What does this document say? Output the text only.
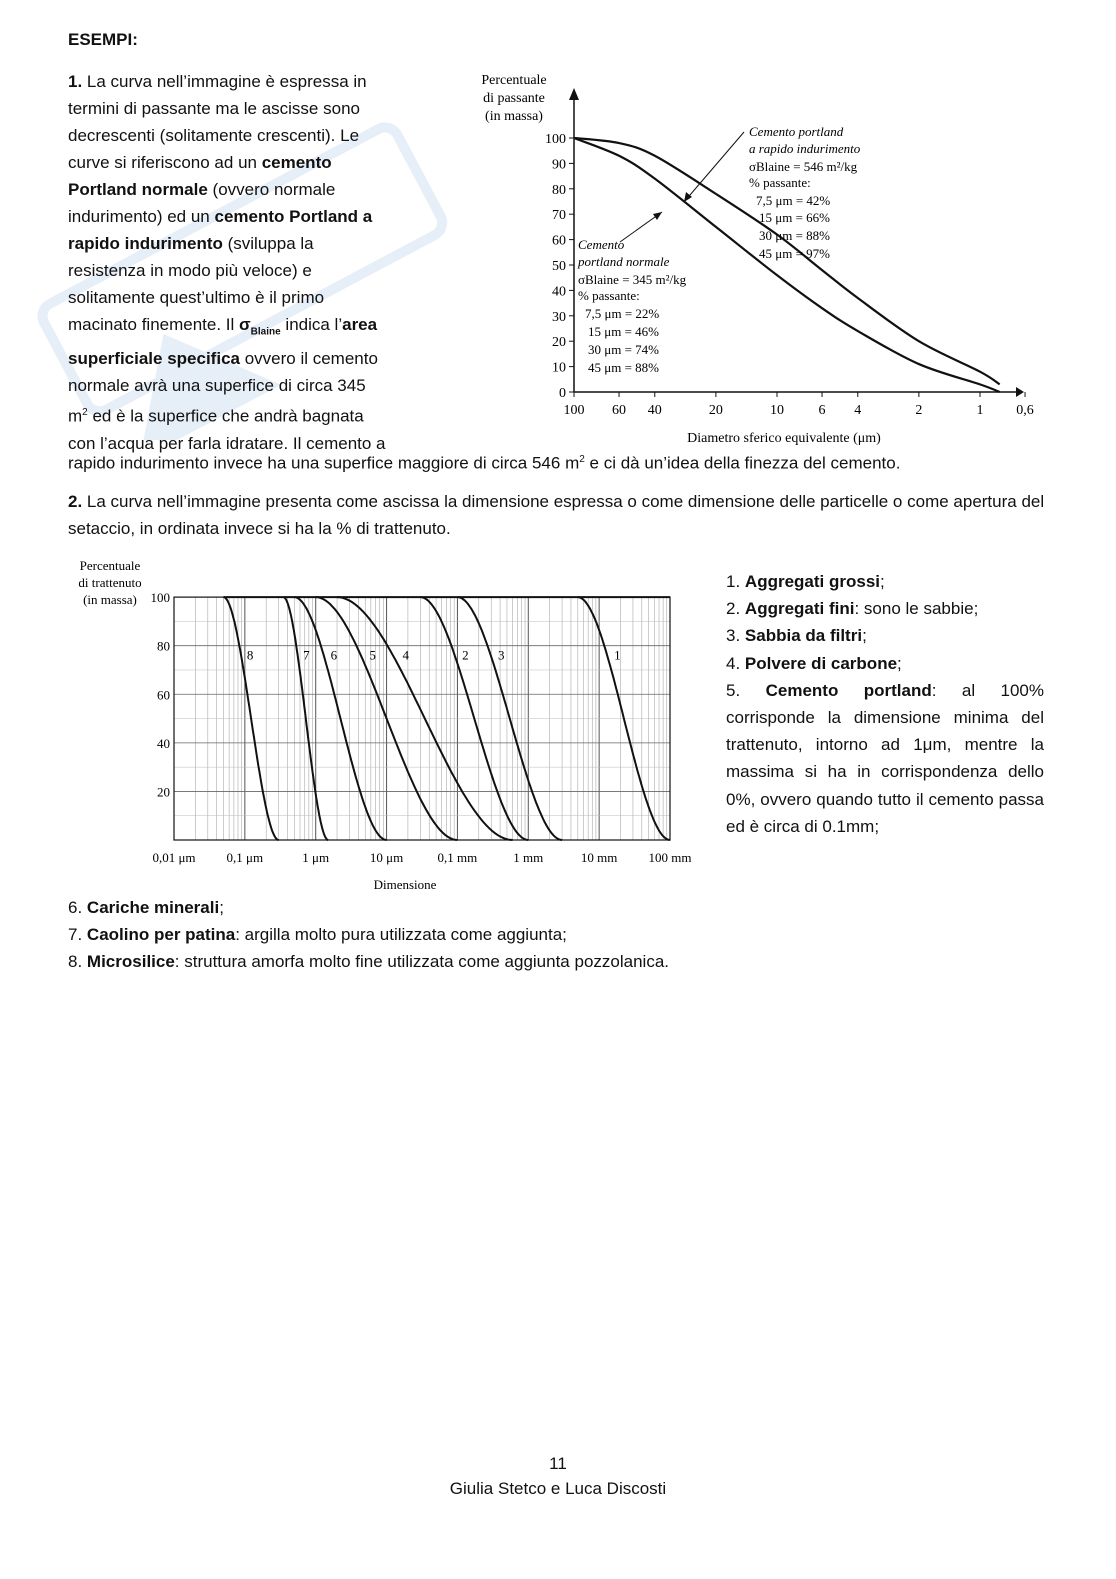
ESEMPI:
1. La curva nell’immagine è espressa in
termini di passante ma le ascisse sono
decrescenti (solitamente crescenti). Le
curve si riferiscono ad un cemento
Portland normale (ovvero normale
indurimento) ed un cemento Portland a
rapido indurimento (sviluppa la
resistenza in modo più veloce) e
solitamente quest’ultimo è il primo
macinato finemente. Il $\sigma_{Blaine}$ indica l’area
superficiale specifica ovvero il cemento
normale avrà una superfice di circa 345
$m^2$ ed è la superfice che andrà bagnata
con l’acqua per farla idratare. Il cemento a
rapido indurimento invece ha una superfice maggiore di circa 546 $m^2$ e ci dà un’idea della finezza del cemento.
Percentuale
di passante
(in massa)
100
90
80
70
60
50
40
30
20
10
0
100 60 40	20	10 6 4	2	1 0,6
Diametro sferico equivalente (μm)
Cemento portland
a rapido indurimento
σBlaine = 546 m²/kg
% passante:
7,5 μm = 42%
15 μm = 66%
30 μm = 88%
45 μm = 97%
Cemento
portland normale
σBlaine = 345 m²/kg
% passante:
7,5 μm = 22%
15 μm = 46%
30 μm = 74%
45 μm = 88%
2. La curva nell’immagine presenta come ascissa la dimensione espressa o come dimensione delle particelle o come apertura del setaccio, in ordinata invece si ha la % di trattenuto.
Percentuale
di trattenuto
(in massa) 100
80
60
40
20
0,01 μm 0,1 μm	1 μm	10 μm	0,1 mm	1 mm	10 mm 100 mm
Dimensione
8	7 6 5 4	2 3	1
1. Aggregati grossi;
2. Aggregati fini: sono le sabbie;
3. Sabbia da filtri;
4. Polvere di carbone;
5. Cemento portland: al 100% corrisponde la dimensione minima del trattenuto, intorno ad 1μm, mentre la massima si ha in corrispondenza dello 0%, ovvero quando tutto il cemento passa ed è circa di 0.1mm;
6. Cariche minerali;
7. Caolino per patina: argilla molto pura utilizzata come aggiunta;
8. Microsilice: struttura amorfa molto fine utilizzata come aggiunta pozzolanica.
11
Giulia Stetco e Luca Discosti
